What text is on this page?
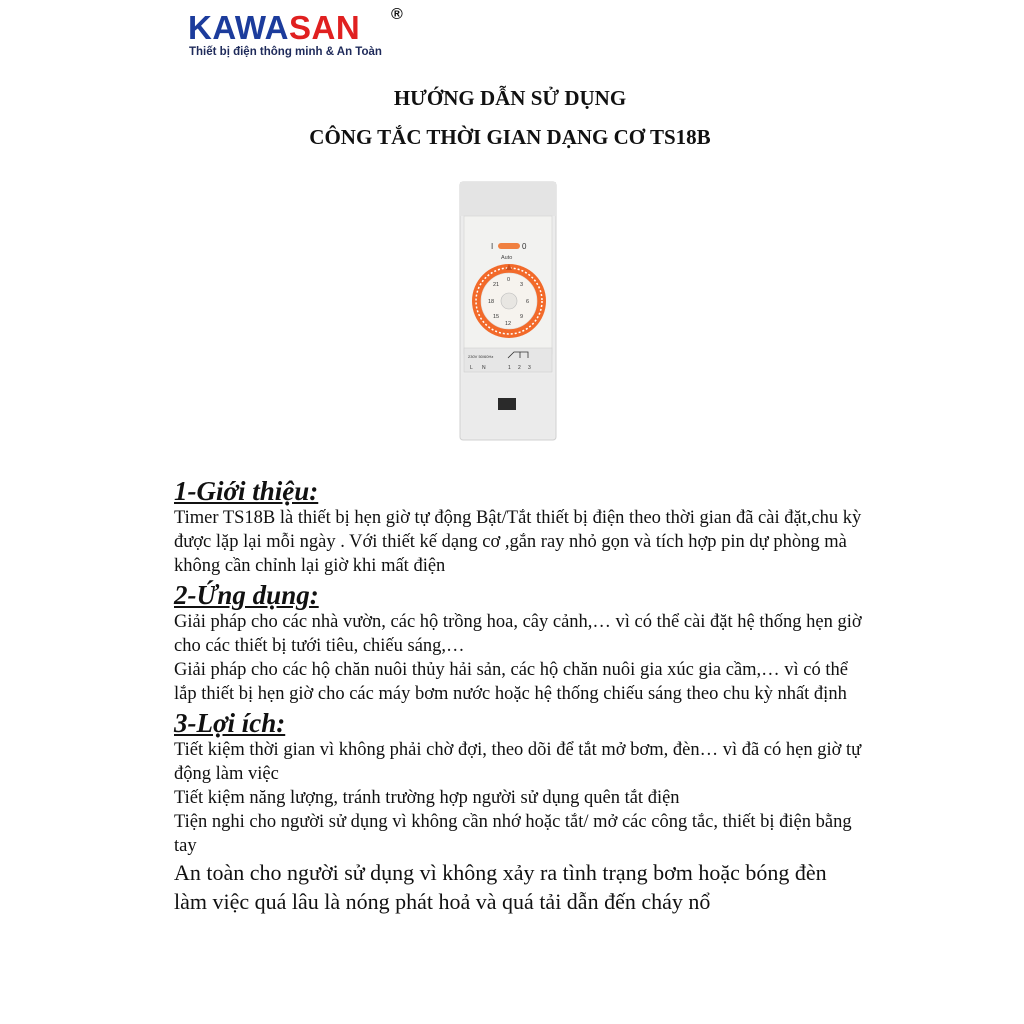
KAWASAN	®
Thiết bị điện thông minh & An Toàn
HƯỚNG DẪN SỬ DỤNG
CÔNG TẮC THỜI GIAN DẠNG CƠ TS18B
I	0
Auto
0
3
6
9
12
15
18
21
230V 50/60Hz
L N	1 2 3

1-Giới thiệu:

Timer TS18B là thiết bị hẹn giờ tự động Bật/Tắt thiết bị điện theo thời gian đã cài đặt,chu kỳ được lặp lại mỗi ngày . Với thiết kế dạng cơ ,gắn ray nhỏ gọn và tích hợp pin dự phòng mà không cần chỉnh lại giờ khi mất điện

2-Ứng dụng:

Giải pháp cho các nhà vườn, các hộ trồng hoa, cây cảnh,… vì có thể cài đặt hệ thống hẹn giờ cho các thiết bị tưới tiêu, chiếu sáng,…

Giải pháp cho các hộ chăn nuôi thủy hải sản, các hộ chăn nuôi gia xúc gia cầm,… vì có thể lắp thiết bị hẹn giờ cho các máy bơm nước hoặc hệ thống chiếu sáng theo chu kỳ nhất định

3-Lợi ích:

Tiết kiệm thời gian vì không phải chờ đợi, theo dõi để tắt mở bơm, đèn… vì đã có hẹn giờ tự động làm việc

Tiết kiệm năng lượng, tránh trường hợp người sử dụng quên tắt điện

Tiện nghi cho người sử dụng vì không cần nhớ hoặc tắt/ mở các công tắc, thiết bị điện bằng tay

An toàn cho người sử dụng vì không xảy ra tình trạng bơm hoặc bóng đèn làm việc quá lâu là nóng phát hoả và quá tải dẫn đến cháy nổ
